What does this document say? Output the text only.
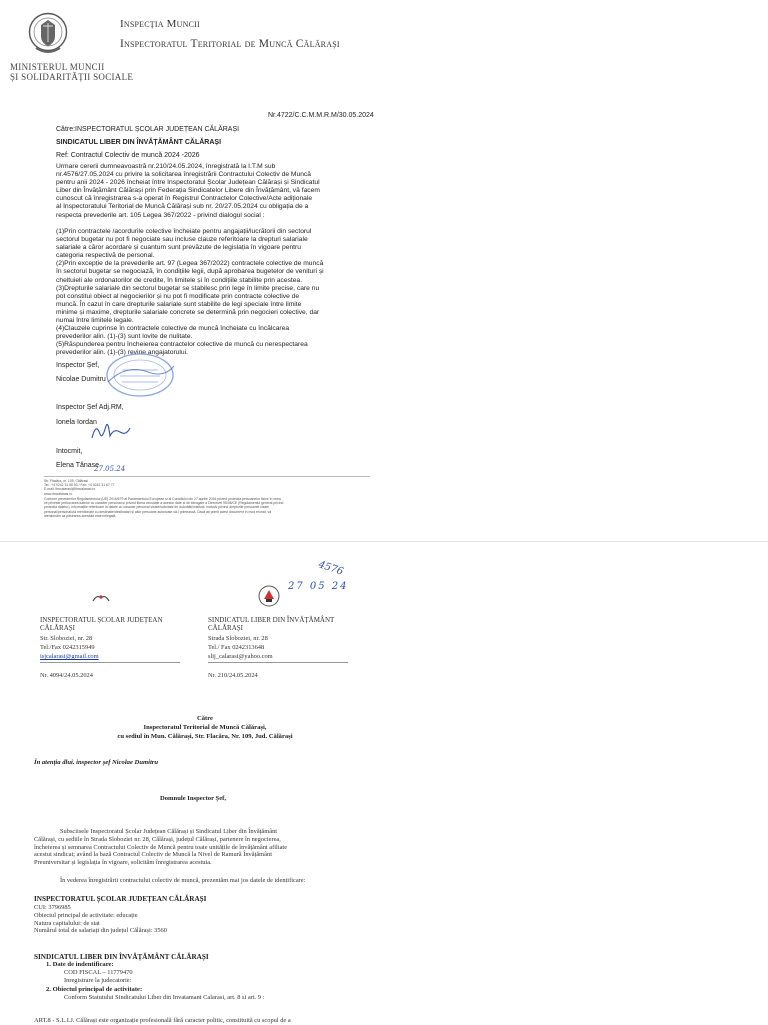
Inspecția Muncii
Inspectoratul Teritorial de Muncă Călărași
MINISTERUL MUNCII
ȘI SOLIDARITĂȚII SOCIALE
Nr.4722/C.C.M.M.R.M/30.05.2024
Către:INSPECTORATUL ȘCOLAR JUDEȚEAN CĂLĂRAȘI
SINDICATUL LIBER DIN ÎNVĂȚĂMÂNT CĂLĂRAȘI
Ref: Contractul Colectiv de muncă 2024 -2026
Urmare cererii dumneavoastră nr.210/24.05.2024, înregistrată la I.T.M sub
nr.4576/27.05.2024 cu privire la solicitarea înregistrării Contractului Colectiv de Muncă
pentru anii 2024 - 2026 încheiat între Inspectoratul Școlar Județean Călărași și Sindicatul
Liber din Învățământ Călărași prin Federația Sindicatelor Libere din Învățământ, vă facem
cunoscut că înregistrarea s-a operat în Registrul Contractelor Colective/Acte adiționale
al Inspectoratului Teritorial de Muncă Călărași sub nr. 20/27.05.2024 cu obligația de a
respecta prevederile art. 105 Legea 367/2022 - privind dialogul social :
(1)Prin contractele /acordurile colective încheiate pentru angajații/lucrătorii din sectorul
sectorul bugetar nu pot fi negociate sau incluse clauze referitoare la drepturi salariale
salariale a căror acordare și cuantum sunt prevăzute de legislația în vigoare pentru
categoria respectivă de personal.
(2)Prin excepție de la prevederile art. 97 (Legea 367/2022) contractele colective de muncă
în sectorul bugetar se negociază, în condițiile legii, după aprobarea bugetelor de venituri și
cheltuieli ale ordonatorilor de credite, în limitele și în condițiile stabilite prin acestea.
(3)Drepturile salariale din sectorul bugetar se stabilesc prin lege în limite precise, care nu
pot constitui obiect al negocierilor și nu pot fi modificate prin contracte colective de
muncă. În cazul în care drepturile salariale sunt stabilite de legi speciale între limite
minime și maxime, drepturile salariale concrete se determină prin negocieri colective, dar
numai între limitele legale.
(4)Clauzele cuprinse în contractele colective de muncă încheiate cu încălcarea
prevederilor alin. (1)-(3) sunt lovite de nulitate.
(5)Răspunderea pentru încheierea contractelor colective de muncă cu nerespectarea
prevederilor alin. (1)-(3) revine angajatorului.
Inspector Șef,
Nicolae Dumitru
Inspector Șef Adj.RM,
Ionela Iordan
Intocmit,
Elena Tănase
27.05.24
Str. Flacăra, nr. 109, Călărași
Tel.: +4 0242 31 65 53 / Fax: +4 0242 31 67 77
E-mail: itmcalarasi@itmcalarasi.ro
www.itmcalarasi.ro
Conform prevederilor Regulamentului (UE) 2016/679 al Parlamentului European și al Consiliului din 27 aprilie 2016 privind protecția persoanelor fizice în ceea
ce privește prelucrarea datelor cu caracter personal și privind libera circulație a acestor date și de abrogare a Directivei 95/46/CE (Regulamentul general privind
protecția datelor), informațiile referitoare la datele cu caracter personal vizate/solicitate de autorități/instituții, inclusiv privind drepturile persoanei vizate
personal/personalului mentionate cu destinatie/destinatari și altor persoane autorizate să-l primească. Dacă ați primit acest document în mod eronat, vă
atenționăm ca păstrarea acestuia este nelegală.
4576
27 05 24
INSPECTORATUL ȘCOLAR JUDEȚEAN
CĂLĂRAȘI
Str. Sloboziei, nr. 28
Tel./Fax 0242315949
isjcalarasi@gmail.com
Nr. 4094/24.05.2024
SINDICATUL LIBER DIN ÎNVĂȚĂMÂNT
CĂLĂRAȘI
Strada Sloboziei, nr. 28
Tel./ Fax 0242313648
slij_calarasi@yahoo.com
Nr. 210/24.05.2024
Către
Inspectoratul Teritorial de Muncă Călărași,
cu sediul în Mun. Călărași, Str. Flacăra, Nr. 109, Jud. Călărași
În atenția dlui. inspector șef Nicolae Dumitru
Domnule Inspector Șef,
Subsciisele Inspectoratul Școlar Județean Călărași și Sindicatul Liber din Învățământ
Călărași, cu sediile în Strada Sloboziei nr. 28, Călărași, județul Călărași, partenere în negocierea,
încheierea și semnarea Contractului Colectiv de Muncă pentru toate unitățile de învățământ afiliate
acestui sindicat; având la bază Contractul Colectiv de Muncă la Nivel de Ramură Învățământ
Preuniversitar și legislația în vigoare, solicităm înregistrarea acestuia.
În vederea înregistrării contractului colectiv de muncă, prezentăm mai jos datele de identificare:
INSPECTORATUL ȘCOLAR JUDEȚEAN CĂLĂRAȘI
CUI: 3796985
Obiectul principal de activitate: educație
Natura capitalului: de stat
Numărul total de salariați din județul Călărași: 3560
SINDICATUL LIBER DIN ÎNVĂȚĂMÂNT CĂLĂRAȘI
1. Date de indentificare:
COD FISCAL – 11779470
Inregistrare la judecatorie:
2. Obiectul principal de activitate:
Conform Statutului Sindicatului Liber din Invatamant Calarasi, art. 8 si art. 9 :
ART.8 - S.L.I.J. Călărași este organizație profesională fără caracter politic, constituită cu scopul de a
